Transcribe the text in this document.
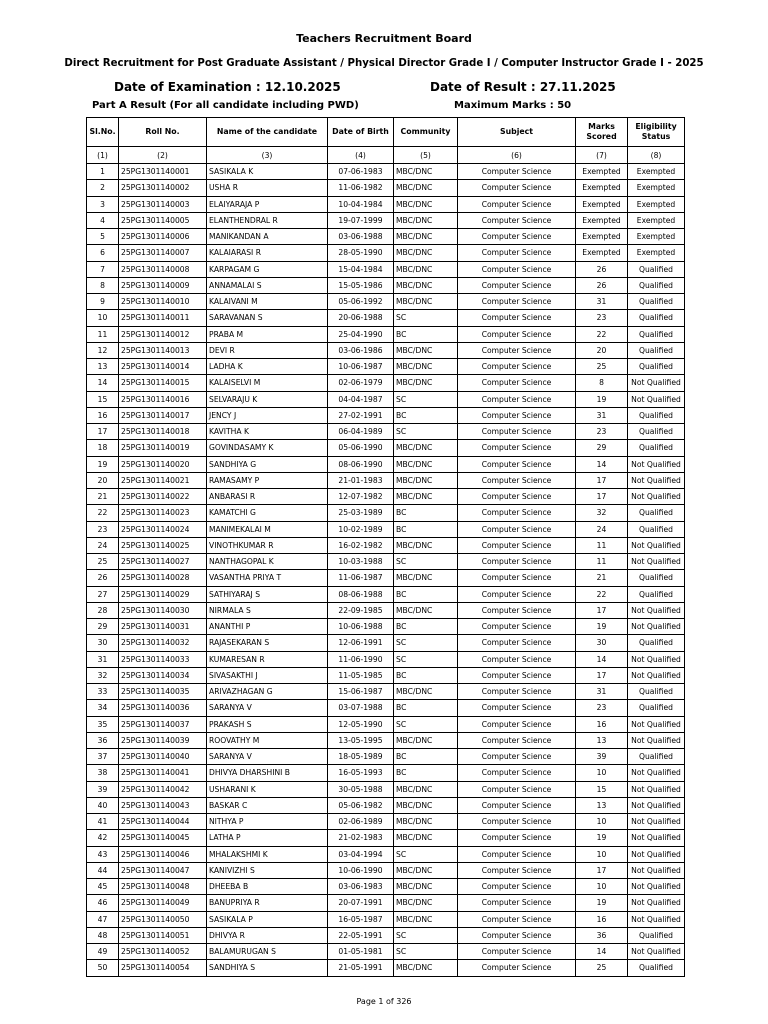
Teachers Recruitment Board
Direct Recruitment for Post Graduate Assistant / Physical Director Grade I / Computer Instructor Grade I - 2025
Date of Examination : 12.10.2025	Date of Result : 27.11.2025
Part A Result (For all candidate including PWD)	Maximum Marks : 50
Sl.No.	Roll No.	Name of the candidate	Date of Birth	Community	Subject	Marks Scored	Eligibility Status
(1)	(2)	(3)	(4)	(5)	(6)	(7)	(8)
1	25PG1301140001	SASIKALA K	07-06-1983	MBC/DNC	Computer Science	Exempted	Exempted
2	25PG1301140002	USHA R	11-06-1982	MBC/DNC	Computer Science	Exempted	Exempted
3	25PG1301140003	ELAIYARAJA P	10-04-1984	MBC/DNC	Computer Science	Exempted	Exempted
4	25PG1301140005	ELANTHENDRAL R	19-07-1999	MBC/DNC	Computer Science	Exempted	Exempted
5	25PG1301140006	MANIKANDAN A	03-06-1988	MBC/DNC	Computer Science	Exempted	Exempted
6	25PG1301140007	KALAIARASI R	28-05-1990	MBC/DNC	Computer Science	Exempted	Exempted
7	25PG1301140008	KARPAGAM G	15-04-1984	MBC/DNC	Computer Science	26	Qualified
8	25PG1301140009	ANNAMALAI S	15-05-1986	MBC/DNC	Computer Science	26	Qualified
9	25PG1301140010	KALAIVANI M	05-06-1992	MBC/DNC	Computer Science	31	Qualified
10	25PG1301140011	SARAVANAN S	20-06-1988	SC	Computer Science	23	Qualified
11	25PG1301140012	PRABA M	25-04-1990	BC	Computer Science	22	Qualified
12	25PG1301140013	DEVI R	03-06-1986	MBC/DNC	Computer Science	20	Qualified
13	25PG1301140014	LADHA K	10-06-1987	MBC/DNC	Computer Science	25	Qualified
14	25PG1301140015	KALAISELVI M	02-06-1979	MBC/DNC	Computer Science	8	Not Qualified
15	25PG1301140016	SELVARAJU K	04-04-1987	SC	Computer Science	19	Not Qualified
16	25PG1301140017	JENCY J	27-02-1991	BC	Computer Science	31	Qualified
17	25PG1301140018	KAVITHA K	06-04-1989	SC	Computer Science	23	Qualified
18	25PG1301140019	GOVINDASAMY K	05-06-1990	MBC/DNC	Computer Science	29	Qualified
19	25PG1301140020	SANDHIYA G	08-06-1990	MBC/DNC	Computer Science	14	Not Qualified
20	25PG1301140021	RAMASAMY P	21-01-1983	MBC/DNC	Computer Science	17	Not Qualified
21	25PG1301140022	ANBARASI R	12-07-1982	MBC/DNC	Computer Science	17	Not Qualified
22	25PG1301140023	KAMATCHI G	25-03-1989	BC	Computer Science	32	Qualified
23	25PG1301140024	MANIMEKALAI M	10-02-1989	BC	Computer Science	24	Qualified
24	25PG1301140025	VINOTHKUMAR R	16-02-1982	MBC/DNC	Computer Science	11	Not Qualified
25	25PG1301140027	NANTHAGOPAL K	10-03-1988	SC	Computer Science	11	Not Qualified
26	25PG1301140028	VASANTHA PRIYA T	11-06-1987	MBC/DNC	Computer Science	21	Qualified
27	25PG1301140029	SATHIYARAJ S	08-06-1988	BC	Computer Science	22	Qualified
28	25PG1301140030	NIRMALA S	22-09-1985	MBC/DNC	Computer Science	17	Not Qualified
29	25PG1301140031	ANANTHI P	10-06-1988	BC	Computer Science	19	Not Qualified
30	25PG1301140032	RAJASEKARAN S	12-06-1991	SC	Computer Science	30	Qualified
31	25PG1301140033	KUMARESAN R	11-06-1990	SC	Computer Science	14	Not Qualified
32	25PG1301140034	SIVASAKTHI J	11-05-1985	BC	Computer Science	17	Not Qualified
33	25PG1301140035	ARIVAZHAGAN G	15-06-1987	MBC/DNC	Computer Science	31	Qualified
34	25PG1301140036	SARANYA V	03-07-1988	BC	Computer Science	23	Qualified
35	25PG1301140037	PRAKASH S	12-05-1990	SC	Computer Science	16	Not Qualified
36	25PG1301140039	ROOVATHY M	13-05-1995	MBC/DNC	Computer Science	13	Not Qualified
37	25PG1301140040	SARANYA V	18-05-1989	BC	Computer Science	39	Qualified
38	25PG1301140041	DHIVYA DHARSHINI B	16-05-1993	BC	Computer Science	10	Not Qualified
39	25PG1301140042	USHARANI K	30-05-1988	MBC/DNC	Computer Science	15	Not Qualified
40	25PG1301140043	BASKAR C	05-06-1982	MBC/DNC	Computer Science	13	Not Qualified
41	25PG1301140044	NITHYA P	02-06-1989	MBC/DNC	Computer Science	10	Not Qualified
42	25PG1301140045	LATHA P	21-02-1983	MBC/DNC	Computer Science	19	Not Qualified
43	25PG1301140046	MHALAKSHMI K	03-04-1994	SC	Computer Science	10	Not Qualified
44	25PG1301140047	KANIVIZHI S	10-06-1990	MBC/DNC	Computer Science	17	Not Qualified
45	25PG1301140048	DHEEBA B	03-06-1983	MBC/DNC	Computer Science	10	Not Qualified
46	25PG1301140049	BANUPRIYA R	20-07-1991	MBC/DNC	Computer Science	19	Not Qualified
47	25PG1301140050	SASIKALA P	16-05-1987	MBC/DNC	Computer Science	16	Not Qualified
48	25PG1301140051	DHIVYA R	22-05-1991	SC	Computer Science	36	Qualified
49	25PG1301140052	BALAMURUGAN S	01-05-1981	SC	Computer Science	14	Not Qualified
50	25PG1301140054	SANDHIYA S	21-05-1991	MBC/DNC	Computer Science	25	Qualified
Page 1 of 326
